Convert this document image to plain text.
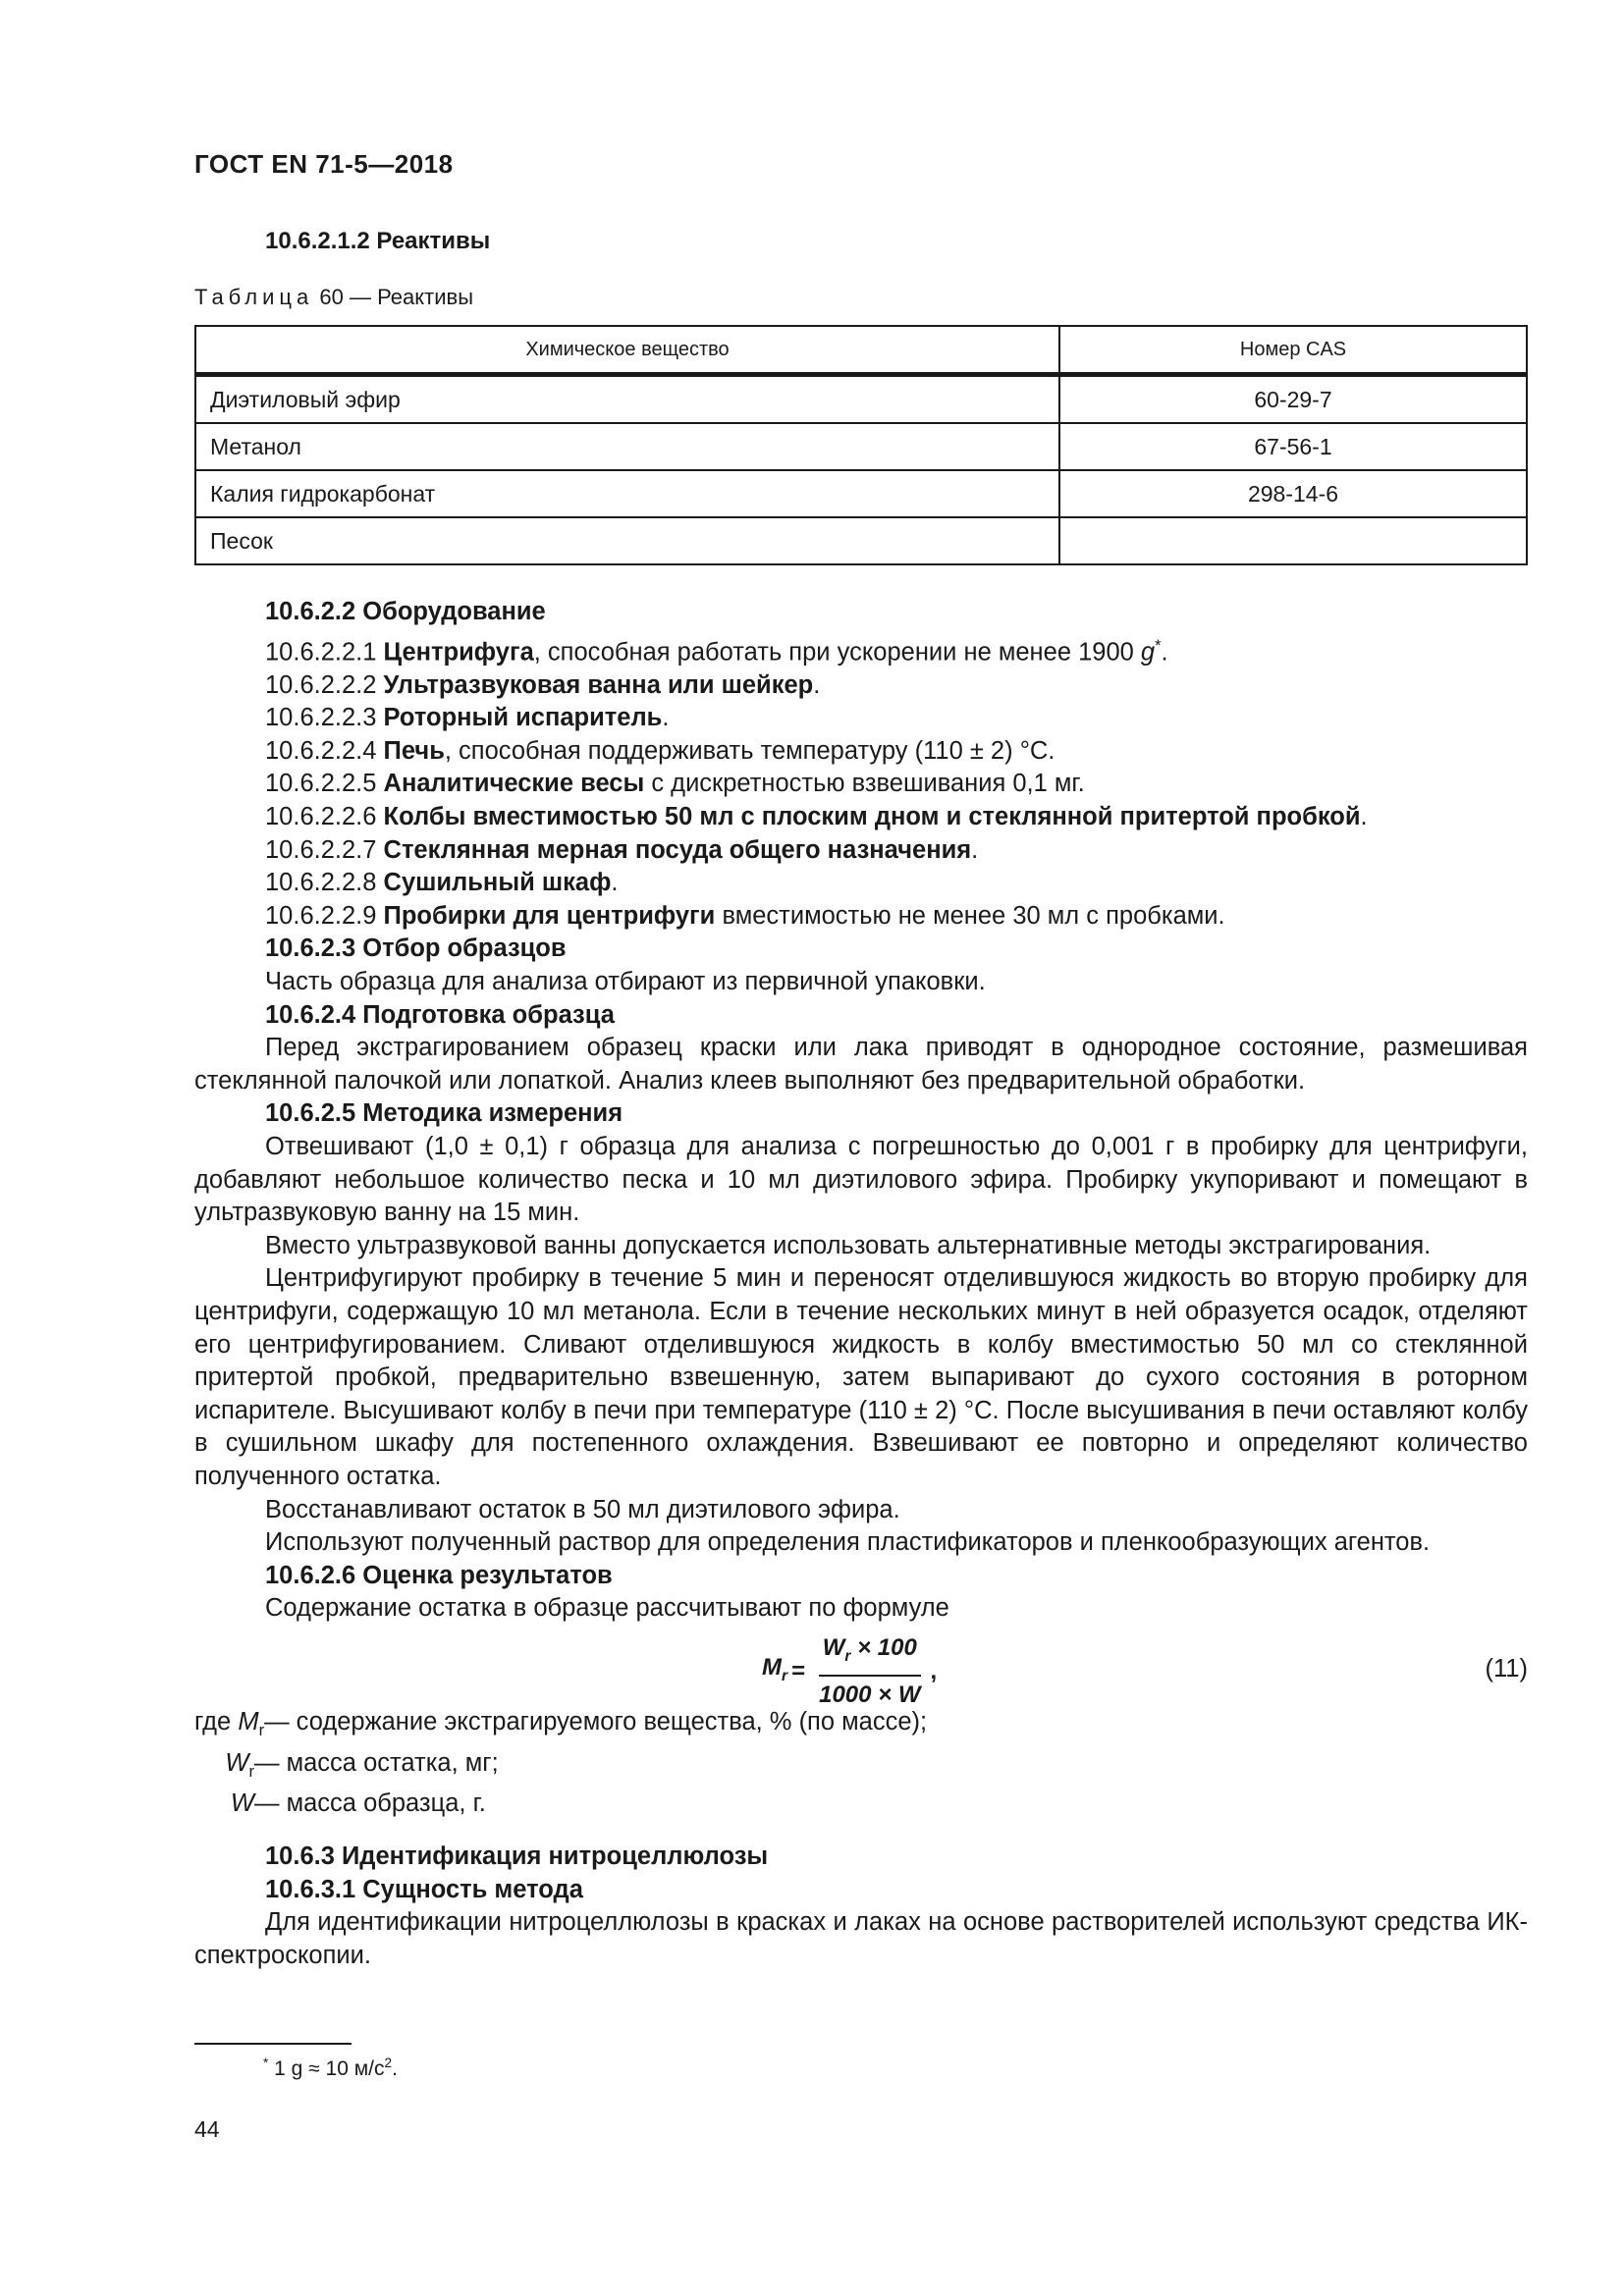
ГОСТ EN 71-5—2018
10.6.2.1.2 Реактивы
Таблица 60 — Реактивы
Химическое вещество	Номер CAS
Диэтиловый эфир	60-29-7
Метанол	67-56-1
Калия гидрокарбонат	298-14-6
Песок	

10.6.2.2 Оборудование

10.6.2.2.1 Центрифуга, способная работать при ускорении не менее 1900 g*.

10.6.2.2.2 Ультразвуковая ванна или шейкер.

10.6.2.2.3 Роторный испаритель.

10.6.2.2.4 Печь, способная поддерживать температуру (110 ± 2) °С.

10.6.2.2.5 Аналитические весы с дискретностью взвешивания 0,1 мг.

10.6.2.2.6 Колбы вместимостью 50 мл с плоским дном и стеклянной притертой пробкой.

10.6.2.2.7 Стеклянная мерная посуда общего назначения.

10.6.2.2.8 Сушильный шкаф.

10.6.2.2.9 Пробирки для центрифуги вместимостью не менее 30 мл с пробками.

10.6.2.3 Отбор образцов

Часть образца для анализа отбирают из первичной упаковки.

10.6.2.4 Подготовка образца

Перед экстрагированием образец краски или лака приводят в однородное состояние, размешивая стеклянной палочкой или лопаткой. Анализ клеев выполняют без предварительной обработки.

10.6.2.5 Методика измерения

Отвешивают (1,0 ± 0,1) г образца для анализа с погрешностью до 0,001 г в пробирку для центрифуги, добавляют небольшое количество песка и 10 мл диэтилового эфира. Пробирку укупоривают и помещают в ультразвуковую ванну на 15 мин.

Вместо ультразвуковой ванны допускается использовать альтернативные методы экстрагирования.

Центрифугируют пробирку в течение 5 мин и переносят отделившуюся жидкость во вторую пробирку для центрифуги, содержащую 10 мл метанола. Если в течение нескольких минут в ней образуется осадок, отделяют его центрифугированием. Сливают отделившуюся жидкость в колбу вместимостью 50 мл со стеклянной притертой пробкой, предварительно взвешенную, затем выпаривают до сухого состояния в роторном испарителе. Высушивают колбу в печи при температуре (110 ± 2) °С. После высушивания в печи оставляют колбу в сушильном шкафу для постепенного охлаждения. Взвешивают ее повторно и определяют количество полученного остатка.

Восстанавливают остаток в 50 мл диэтилового эфира.

Используют полученный раствор для определения пластификаторов и пленкообразующих агентов.

10.6.2.6 Оценка результатов

Содержание остатка в образце рассчитывают по формуле

$M_r = \frac{W_r \times 100}{1000 \times W}$ ,	(11)
где
$M_r$ — содержание экстрагируемого вещества, % (по массе);
$W_r$ — масса остатка, мг;
W — масса образца, г.

10.6.3 Идентификация нитроцеллюлозы

10.6.3.1 Сущность метода

Для идентификации нитроцеллюлозы в красках и лаках на основе растворителей используют средства ИК-спектроскопии.

* 1 g ≈ 10 $м/с^2$.
44
